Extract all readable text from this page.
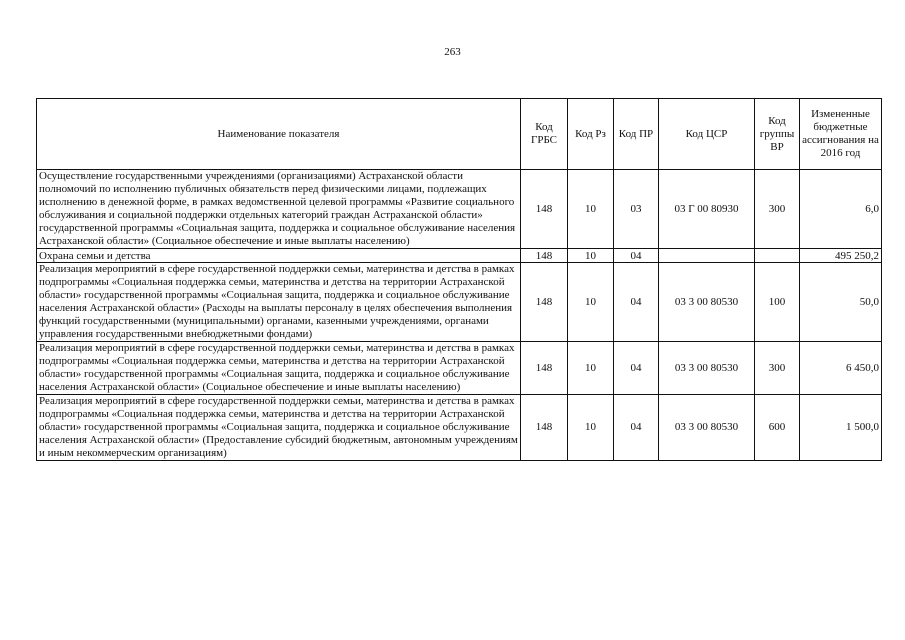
263
Наименование показателя	Код ГРБС	Код Рз	Код ПР	Код ЦСР	Код группы ВР	Измененные бюджетные ассигнования на 2016 год
Осуществление государственными учреждениями (организациями) Астраханской области полномочий по исполнению публичных обязательств перед физическими лицами, подлежащих исполнению в денежной форме, в рамках ведомственной целевой программы «Развитие социального обслуживания и социальной поддержки отдельных категорий граждан Астраханской области» государственной программы «Социальная защита, поддержка и социальное обслуживание населения Астраханской области» (Социальное обеспечение и иные выплаты населению)	148	10	03	03 Г 00 80930	300	6,0
Охрана семьи и детства	148	10	04			495 250,2
Реализация мероприятий в сфере государственной поддержки семьи, материнства и детства в рамках подпрограммы «Социальная поддержка семьи, материнства и детства на территории Астраханской области» государственной программы «Социальная защита, поддержка и социальное обслуживание населения Астраханской области» (Расходы на выплаты персоналу в целях обеспечения выполнения функций государственными (муниципальными) органами, казенными учреждениями, органами управления государственными внебюджетными фондами)	148	10	04	03 3 00 80530	100	50,0
Реализация мероприятий в сфере государственной поддержки семьи, материнства и детства в рамках подпрограммы «Социальная поддержка семьи, материнства и детства на территории Астраханской области» государственной программы «Социальная защита, поддержка и социальное обслуживание населения Астраханской области» (Социальное обеспечение и иные выплаты населению)	148	10	04	03 3 00 80530	300	6 450,0
Реализация мероприятий в сфере государственной поддержки семьи, материнства и детства в рамках подпрограммы «Социальная поддержка семьи, материнства и детства на территории Астраханской области» государственной программы «Социальная защита, поддержка и социальное обслуживание населения Астраханской области» (Предоставление субсидий бюджетным, автономным учреждениям и иным некоммерческим организациям)	148	10	04	03 3 00 80530	600	1 500,0
